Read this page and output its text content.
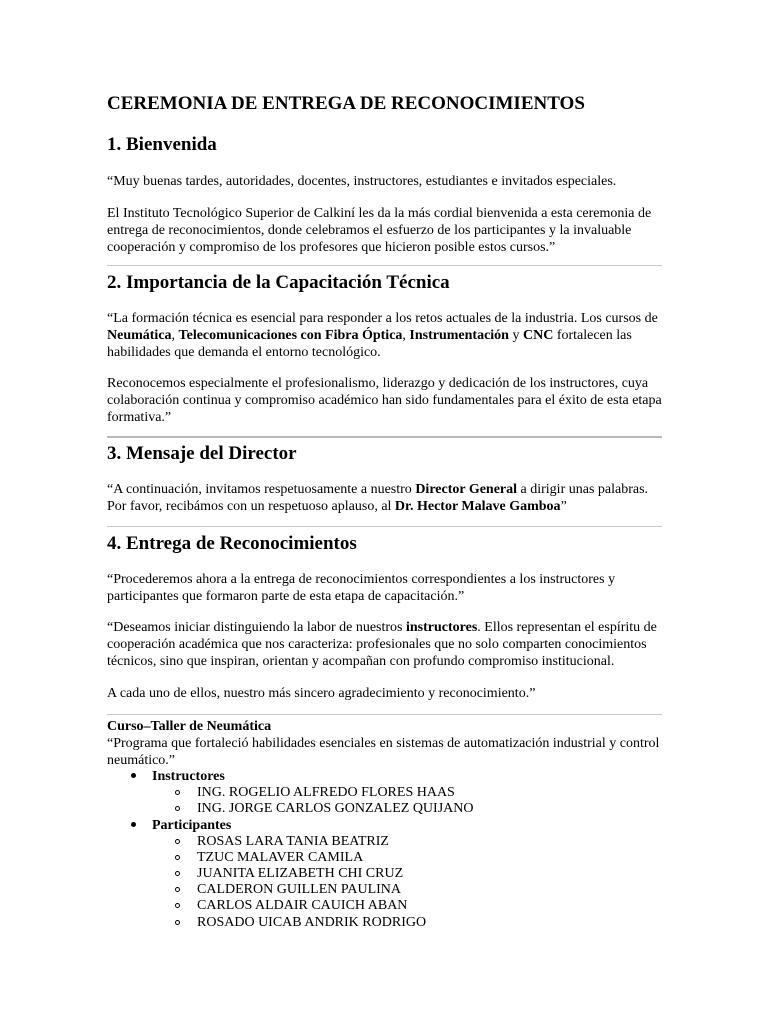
CEREMONIA DE ENTREGA DE RECONOCIMIENTOS
1. Bienvenida

“Muy buenas tardes, autoridades, docentes, instructores, estudiantes e invitados especiales.

El Instituto Tecnológico Superior de Calkiní les da la más cordial bienvenida a esta ceremonia de entrega de reconocimientos, donde celebramos el esfuerzo de los participantes y la invaluable cooperación y compromiso de los profesores que hicieron posible estos cursos.”

2. Importancia de la Capacitación Técnica

“La formación técnica es esencial para responder a los retos actuales de la industria. Los cursos de Neumática, Telecomunicaciones con Fibra Óptica, Instrumentación y CNC fortalecen las habilidades que demanda el entorno tecnológico.

Reconocemos especialmente el profesionalismo, liderazgo y dedicación de los instructores, cuya colaboración continua y compromiso académico han sido fundamentales para el éxito de esta etapa formativa.”

3. Mensaje del Director

“A continuación, invitamos respetuosamente a nuestro Director General a dirigir unas palabras. Por favor, recibámos con un respetuoso aplauso, al Dr. Hector Malave Gamboa”

4. Entrega de Reconocimientos

“Procederemos ahora a la entrega de reconocimientos correspondientes a los instructores y participantes que formaron parte de esta etapa de capacitación.”

“Deseamos iniciar distinguiendo la labor de nuestros instructores. Ellos representan el espíritu de cooperación académica que nos caracteriza: profesionales que no solo comparten conocimientos técnicos, sino que inspiran, orientan y acompañan con profundo compromiso institucional.

A cada uno de ellos, nuestro más sincero agradecimiento y reconocimiento.”

Curso–Taller de Neumática

“Programa que fortaleció habilidades esenciales en sistemas de automatización industrial y control neumático.”

Instructores

ING. ROGELIO ALFREDO FLORES HAAS

ING. JORGE CARLOS GONZALEZ QUIJANO

Participantes

ROSAS LARA TANIA BEATRIZ

TZUC MALAVER CAMILA

JUANITA ELIZABETH CHI CRUZ

CALDERON GUILLEN PAULINA

CARLOS ALDAIR CAUICH ABAN

ROSADO UICAB ANDRIK RODRIGO
